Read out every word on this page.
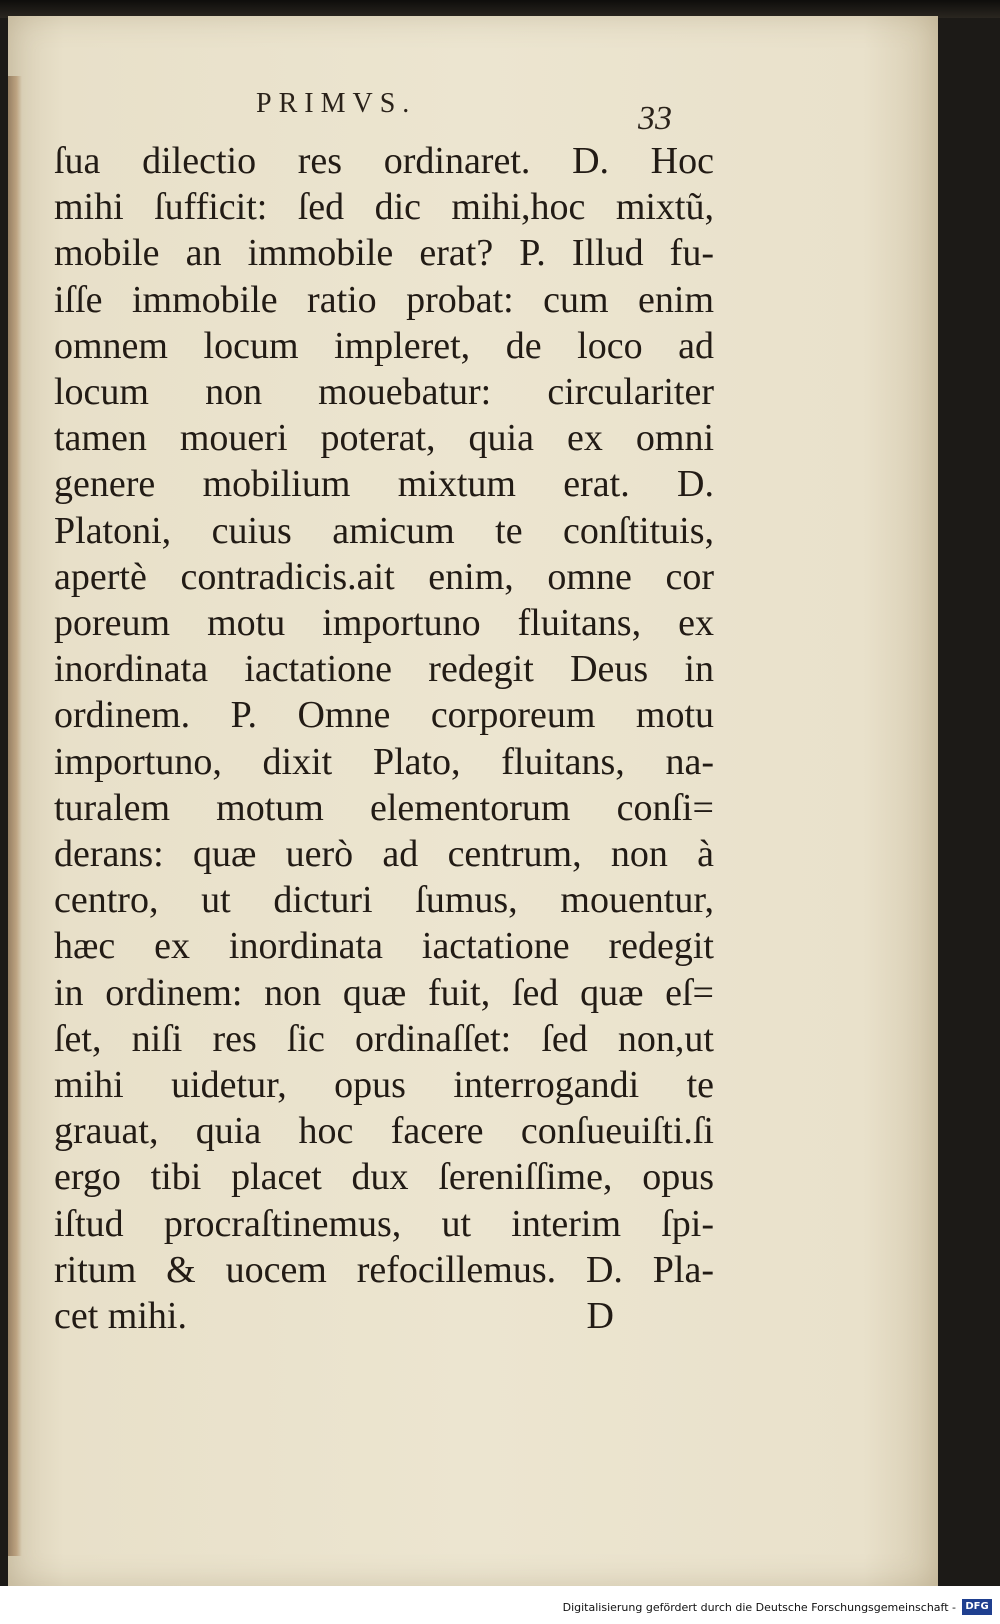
PRIMVS.	33
ſua dilectio res ordinaret. D. Hoc
mihi ſufficit: ſed dic mihi,hoc mixtũ,
mobile an immobile erat? P. Illud fu-
iſſe immobile ratio probat: cum enim
omnem locum impleret, de loco ad
locum non mouebatur: circulariter
tamen moueri poterat, quia ex omni
genere mobilium mixtum erat. D.
Platoni, cuius amicum te conſtituis,
apertè contradicis.ait enim, omne cor
poreum motu importuno fluitans, ex
inordinata iactatione redegit Deus in
ordinem. P. Omne corporeum motu
importuno, dixit Plato, fluitans, na-
turalem motum elementorum conſi=
derans: quæ uerò ad centrum, non à
centro, ut dicturi ſumus, mouentur,
hæc ex inordinata iactatione redegit
in ordinem: non quæ fuit, ſed quæ eſ=
ſet, niſi res ſic ordinaſſet: ſed non,ut
mihi uidetur, opus interrogandi te
grauat, quia hoc facere conſueuiſti.ſi
ergo tibi placet dux ſereniſſime, opus
iſtud procraſtinemus, ut interim ſpi-
ritum & uocem refocillemus. D. Pla-
cet mihi.	D
Digitalisierung gefördert durch die Deutsche Forschungsgemeinschaft - DFG
